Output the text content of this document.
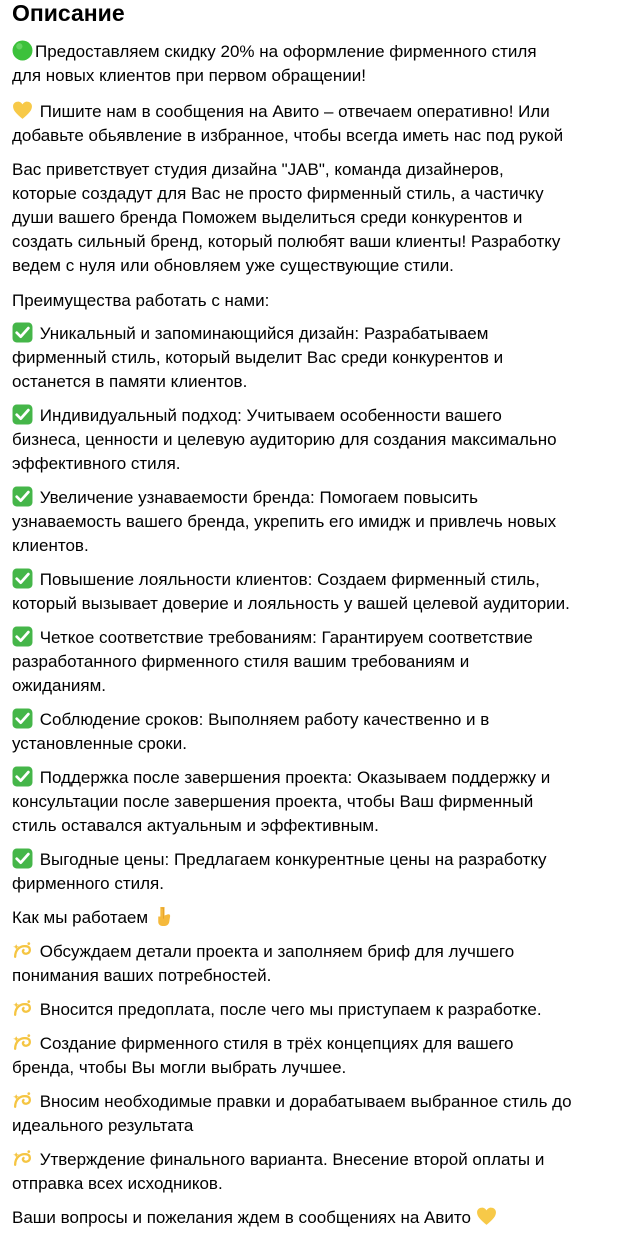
Описание

Предоставляем скидку 20% на оформление фирменного стиля
для новых клиентов при первом обращении!

Пишите нам в сообщения на Авито – отвечаем оперативно! Или
добавьте обьявление в избранное, чтобы всегда иметь нас под рукой

Вас приветствует студия дизайна "JAB", команда дизайнеров,
которые создадут для Вас не просто фирменный стиль, а частичку
души вашего бренда Поможем выделиться среди конкурентов и
создать сильный бренд, который полюбят ваши клиенты! Разработку
ведем с нуля или обновляем уже существующие стили.

Преимущества работать с нами:

Уникальный и запоминающийся дизайн: Разрабатываем
фирменный стиль, который выделит Вас среди конкурентов и
останется в памяти клиентов.

Индивидуальный подход: Учитываем особенности вашего
бизнеса, ценности и целевую аудиторию для создания максимально
эффективного стиля.

Увеличение узнаваемости бренда: Помогаем повысить
узнаваемость вашего бренда, укрепить его имидж и привлечь новых
клиентов.

Повышение лояльности клиентов: Создаем фирменный стиль,
который вызывает доверие и лояльность у вашей целевой аудитории.

Четкое соответствие требованиям: Гарантируем соответствие
разработанного фирменного стиля вашим требованиям и
ожиданиям.

Соблюдение сроков: Выполняем работу качественно и в
установленные сроки.

Поддержка после завершения проекта: Оказываем поддержку и
консультации после завершения проекта, чтобы Ваш фирменный
стиль оставался актуальным и эффективным.

Выгодные цены: Предлагаем конкурентные цены на разработку
фирменного стиля.

Как мы работаем

Обсуждаем детали проекта и заполняем бриф для лучшего
понимания ваших потребностей.

Вносится предоплата, после чего мы приступаем к разработке.

Создание фирменного стиля в трёх концепциях для вашего
бренда, чтобы Вы могли выбрать лучшее.

Вносим необходимые правки и дорабатываем выбранное стиль до
идеального результата

Утверждение финального варианта. Внесение второй оплаты и
отправка всех исходников.

Ваши вопросы и пожелания ждем в сообщениях на Авито
